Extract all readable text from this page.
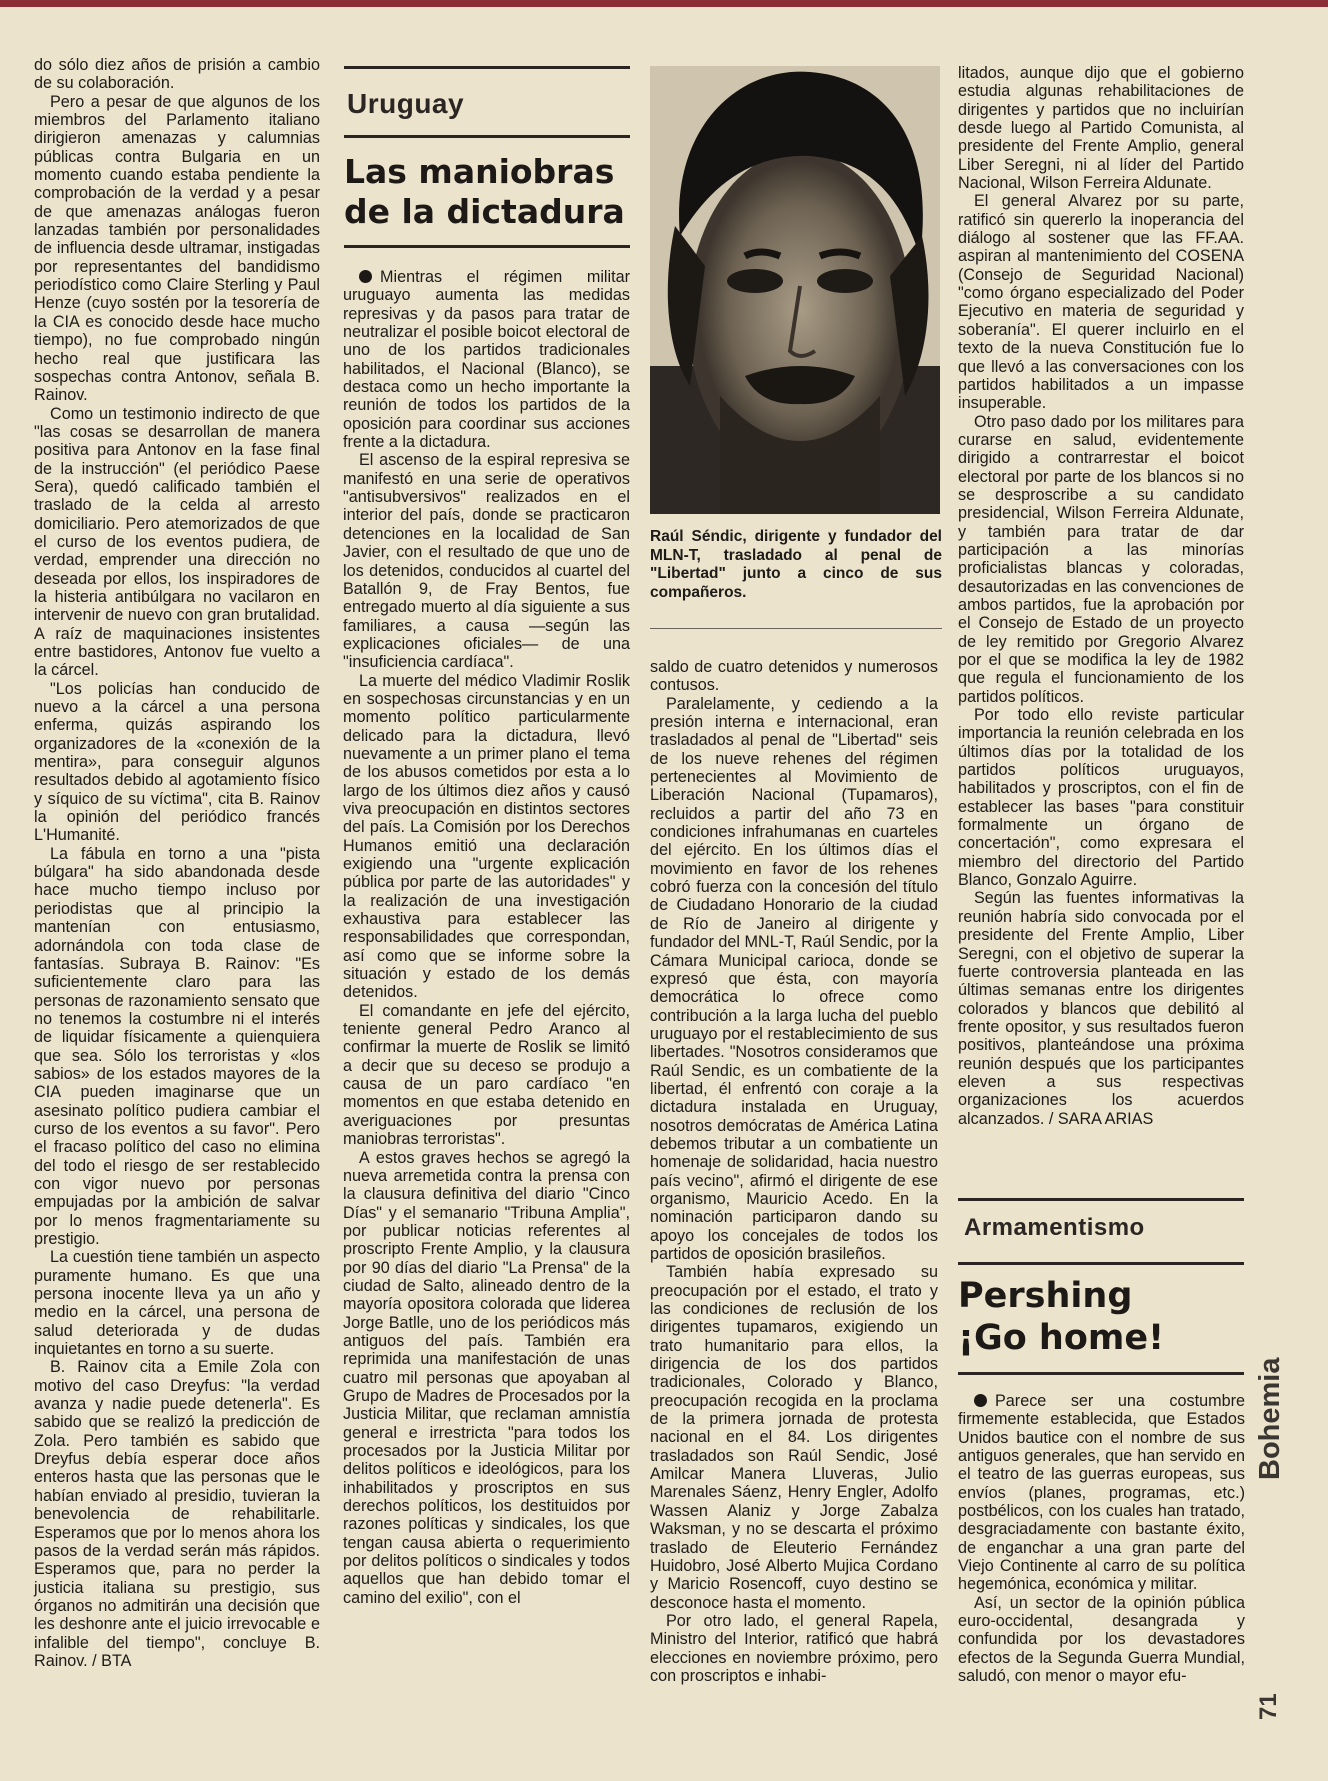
do sólo diez años de prisión a cambio de su colaboración.

Pero a pesar de que algunos de los miembros del Parlamento italiano dirigieron amenazas y calumnias públicas contra Bulgaria en un momento cuando estaba pendiente la comprobación de la verdad y a pesar de que amenazas análogas fueron lanzadas también por personalidades de influencia desde ultramar, instigadas por representantes del bandidismo periodístico como Claire Sterling y Paul Henze (cuyo sostén por la tesorería de la CIA es conocido desde hace mucho tiempo), no fue comprobado ningún hecho real que justificara las sospechas contra Antonov, señala B. Rainov.

Como un testimonio indirecto de que "las cosas se desarrollan de manera positiva para Antonov en la fase final de la instrucción" (el periódico Paese Sera), quedó calificado también el traslado de la celda al arresto domiciliario. Pero atemorizados de que el curso de los eventos pudiera, de verdad, emprender una dirección no deseada por ellos, los inspiradores de la histeria antibúlgara no vacilaron en intervenir de nuevo con gran brutalidad. A raíz de maquinaciones insistentes entre bastidores, Antonov fue vuelto a la cárcel.

"Los policías han conducido de nuevo a la cárcel a una persona enferma, quizás aspirando los organizadores de la «conexión de la mentira», para conseguir algunos resultados debido al agotamiento físico y síquico de su víctima", cita B. Rainov la opinión del periódico francés L'Humanité.

La fábula en torno a una "pista búlgara" ha sido abandonada desde hace mucho tiempo incluso por periodistas que al principio la mantenían con entusiasmo, adornándola con toda clase de fantasías. Subraya B. Rainov: "Es suficientemente claro para las personas de razonamiento sensato que no tenemos la costumbre ni el interés de liquidar físicamente a quienquiera que sea. Sólo los terroristas y «los sabios» de los estados mayores de la CIA pueden imaginarse que un asesinato político pudiera cambiar el curso de los eventos a su favor". Pero el fracaso político del caso no elimina del todo el riesgo de ser restablecido con vigor nuevo por personas empujadas por la ambición de salvar por lo menos fragmentariamente su prestigio.

La cuestión tiene también un aspecto puramente humano. Es que una persona inocente lleva ya un año y medio en la cárcel, una persona de salud deteriorada y de dudas inquietantes en torno a su suerte.

B. Rainov cita a Emile Zola con motivo del caso Dreyfus: "la verdad avanza y nadie puede detenerla". Es sabido que se realizó la predicción de Zola. Pero también es sabido que Dreyfus debía esperar doce años enteros hasta que las personas que le habían enviado al presidio, tuvieran la benevolencia de rehabilitarle. Esperamos que por lo menos ahora los pasos de la verdad serán más rápidos. Esperamos que, para no perder la justicia italiana su prestigio, sus órganos no admitirán una decisión que les deshonre ante el juicio irrevocable e infalible del tiempo", concluye B. Rainov. / BTA

Uruguay
Las maniobras
de la dictadura

Mientras el régimen militar uruguayo aumenta las medidas represivas y da pasos para tratar de neutralizar el posible boicot electoral de uno de los partidos tradicionales habilitados, el Nacional (Blanco), se destaca como un hecho importante la reunión de todos los partidos de la oposición para coordinar sus acciones frente a la dictadura.

El ascenso de la espiral represiva se manifestó en una serie de operativos "antisubversivos" realizados en el interior del país, donde se practicaron detenciones en la localidad de San Javier, con el resultado de que uno de los detenidos, conducidos al cuartel del Batallón 9, de Fray Bentos, fue entregado muerto al día siguiente a sus familiares, a causa —según las explicaciones oficiales— de una "insuficiencia cardíaca".

La muerte del médico Vladimir Roslik en sospechosas circunstancias y en un momento político particularmente delicado para la dictadura, llevó nuevamente a un primer plano el tema de los abusos cometidos por esta a lo largo de los últimos diez años y causó viva preocupación en distintos sectores del país. La Comisión por los Derechos Humanos emitió una declaración exigiendo una "urgente explicación pública por parte de las autoridades" y la realización de una investigación exhaustiva para establecer las responsabilidades que correspondan, así como que se informe sobre la situación y estado de los demás detenidos.

El comandante en jefe del ejército, teniente general Pedro Aranco al confirmar la muerte de Roslik se limitó a decir que su deceso se produjo a causa de un paro cardíaco "en momentos en que estaba detenido en averiguaciones por presuntas maniobras terroristas".

A estos graves hechos se agregó la nueva arremetida contra la prensa con la clausura definitiva del diario "Cinco Días" y el semanario "Tribuna Amplia", por publicar noticias referentes al proscripto Frente Amplio, y la clausura por 90 días del diario "La Prensa" de la ciudad de Salto, alineado dentro de la mayoría opositora colorada que liderea Jorge Batlle, uno de los periódicos más antiguos del país. También era reprimida una manifestación de unas cuatro mil personas que apoyaban al Grupo de Madres de Procesados por la Justicia Militar, que reclaman amnistía general e irrestricta "para todos los procesados por la Justicia Militar por delitos políticos e ideológicos, para los inhabilitados y proscriptos en sus derechos políticos, los destituidos por razones políticas y sindicales, los que tengan causa abierta o requerimiento por delitos políticos o sindicales y todos aquellos que han debido tomar el camino del exilio", con el

Raúl Séndic, dirigente y fundador del MLN-T, trasladado al penal de "Libertad" junto a cinco de sus compañeros.

saldo de cuatro detenidos y numerosos contusos.

Paralelamente, y cediendo a la presión interna e internacional, eran trasladados al penal de "Libertad" seis de los nueve rehenes del régimen pertenecientes al Movimiento de Liberación Nacional (Tupamaros), recluidos a partir del año 73 en condiciones infrahumanas en cuarteles del ejército. En los últimos días el movimiento en favor de los rehenes cobró fuerza con la concesión del título de Ciudadano Honorario de la ciudad de Río de Janeiro al dirigente y fundador del MNL-T, Raúl Sendic, por la Cámara Municipal carioca, donde se expresó que ésta, con mayoría democrática lo ofrece como contribución a la larga lucha del pueblo uruguayo por el restablecimiento de sus libertades. "Nosotros consideramos que Raúl Sendic, es un combatiente de la libertad, él enfrentó con coraje a la dictadura instalada en Uruguay, nosotros demócratas de América Latina debemos tributar a un combatiente un homenaje de solidaridad, hacia nuestro país vecino", afirmó el dirigente de ese organismo, Mauricio Acedo. En la nominación participaron dando su apoyo los concejales de todos los partidos de oposición brasileños.

También había expresado su preocupación por el estado, el trato y las condiciones de reclusión de los dirigentes tupamaros, exigiendo un trato humanitario para ellos, la dirigencia de los dos partidos tradicionales, Colorado y Blanco, preocupación recogida en la proclama de la primera jornada de protesta nacional en el 84. Los dirigentes trasladados son Raúl Sendic, José Amilcar Manera Lluveras, Julio Marenales Sáenz, Henry Engler, Adolfo Wassen Alaniz y Jorge Zabalza Waksman, y no se descarta el próximo traslado de Eleuterio Fernández Huidobro, José Alberto Mujica Cordano y Maricio Rosencoff, cuyo destino se desconoce hasta el momento.

Por otro lado, el general Rapela, Ministro del Interior, ratificó que habrá elecciones en noviembre próximo, pero con proscriptos e inhabi-

litados, aunque dijo que el gobierno estudia algunas rehabilitaciones de dirigentes y partidos que no incluirían desde luego al Partido Comunista, al presidente del Frente Amplio, general Liber Seregni, ni al líder del Partido Nacional, Wilson Ferreira Aldunate.

El general Alvarez por su parte, ratificó sin quererlo la inoperancia del diálogo al sostener que las FF.AA. aspiran al mantenimiento del COSENA (Consejo de Seguridad Nacional) "como órgano especializado del Poder Ejecutivo en materia de seguridad y soberanía". El querer incluirlo en el texto de la nueva Constitución fue lo que llevó a las conversaciones con los partidos habilitados a un impasse insuperable.

Otro paso dado por los militares para curarse en salud, evidentemente dirigido a contrarrestar el boicot electoral por parte de los blancos si no se desproscribe a su candidato presidencial, Wilson Ferreira Aldunate, y también para tratar de dar participación a las minorías proficialistas blancas y coloradas, desautorizadas en las convenciones de ambos partidos, fue la aprobación por el Consejo de Estado de un proyecto de ley remitido por Gregorio Alvarez por el que se modifica la ley de 1982 que regula el funcionamiento de los partidos políticos.

Por todo ello reviste particular importancia la reunión celebrada en los últimos días por la totalidad de los partidos políticos uruguayos, habilitados y proscriptos, con el fin de establecer las bases "para constituir formalmente un órgano de concertación", como expresara el miembro del directorio del Partido Blanco, Gonzalo Aguirre.

Según las fuentes informativas la reunión habría sido convocada por el presidente del Frente Amplio, Liber Seregni, con el objetivo de superar la fuerte controversia planteada en las últimas semanas entre los dirigentes colorados y blancos que debilitó al frente opositor, y sus resultados fueron positivos, planteándose una próxima reunión después que los participantes eleven a sus respectivas organizaciones los acuerdos alcanzados. / SARA ARIAS

Armamentismo
Pershing
¡Go home!

Parece ser una costumbre firmemente establecida, que Estados Unidos bautice con el nombre de sus antiguos generales, que han servido en el teatro de las guerras europeas, sus envíos (planes, programas, etc.) postbélicos, con los cuales han tratado, desgraciadamente con bastante éxito, de enganchar a una gran parte del Viejo Continente al carro de su política hegemónica, económica y militar.

Así, un sector de la opinión pública euro-occidental, desangrada y confundida por los devastadores efectos de la Segunda Guerra Mundial, saludó, con menor o mayor efu-

Bohemia
71
